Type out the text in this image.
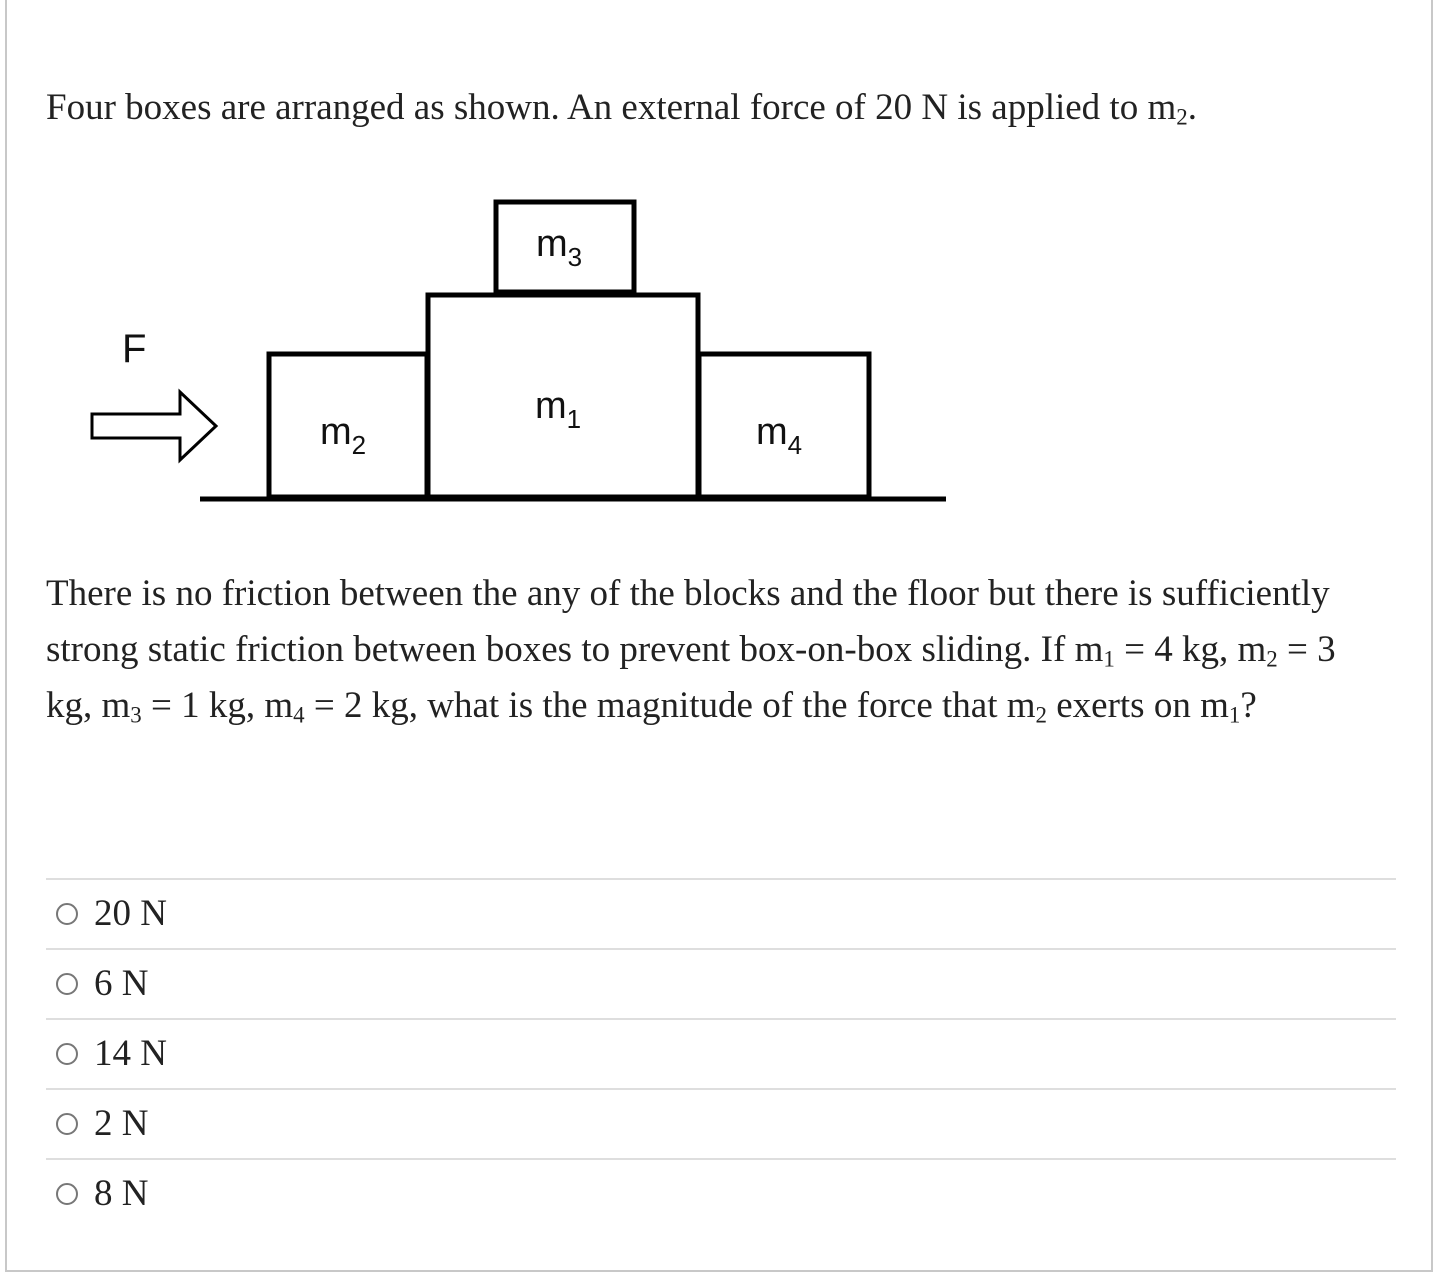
Four boxes are arranged as shown. An external force of 20 N is applied to $m_2$.
F
$m_3$
$m_1$
$m_2$	$m_4$
There is no friction between the any of the blocks and the floor but there is sufficiently strong static friction between boxes to prevent box-on-box sliding. If $m_1 = 4$ kg, $m_2 = 3$ kg, $m_3 = 1$ kg, $m_4 = 2$ kg, what is the magnitude of the force that $m_2$ exerts on $m_1$?
20 N
6 N
14 N
2 N
8 N
